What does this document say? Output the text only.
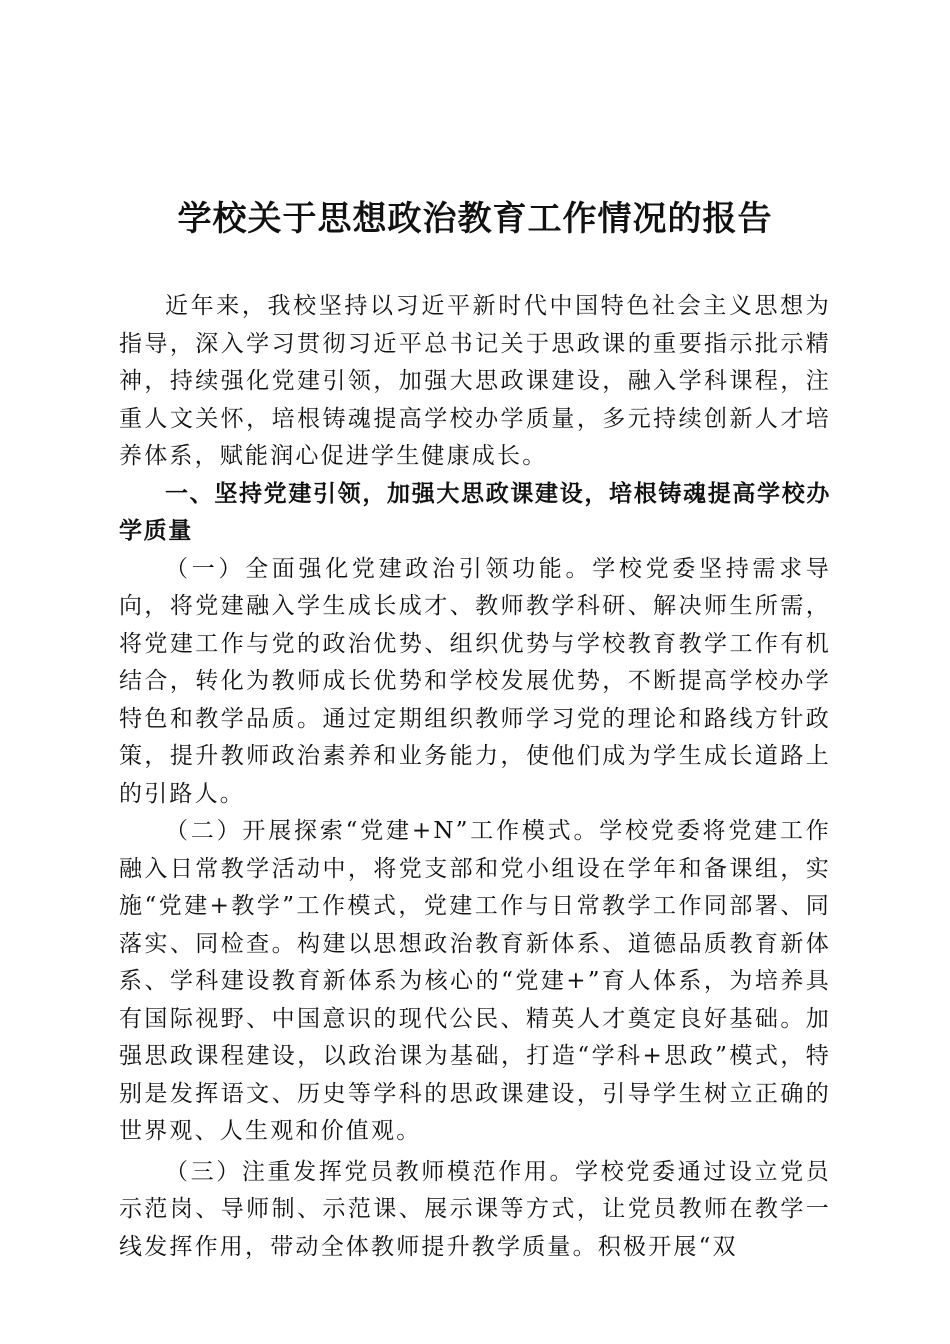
学校关于思想政治教育工作情况的报告

近年来，我校坚持以习近平新时代中国特色社会主义思想为指导，深入学习贯彻习近平总书记关于思政课的重要指示批示精神，持续强化党建引领，加强大思政课建设，融入学科课程，注重人文关怀，培根铸魂提高学校办学质量，多元持续创新人才培养体系，赋能润心促进学生健康成长。

一、坚持党建引领，加强大思政课建设，培根铸魂提高学校办学质量

（一）全面强化党建政治引领功能。学校党委坚持需求导向，将党建融入学生成长成才、教师教学科研、解决师生所需，将党建工作与党的政治优势、组织优势与学校教育教学工作有机结合，转化为教师成长优势和学校发展优势，不断提高学校办学特色和教学品质。通过定期组织教师学习党的理论和路线方针政策，提升教师政治素养和业务能力，使他们成为学生成长道路上的引路人。

（二）开展探索“党建+N”工作模式。学校党委将党建工作融入日常教学活动中，将党支部和党小组设在学年和备课组，实施“党建+教学”工作模式，党建工作与日常教学工作同部署、同落实、同检查。构建以思想政治教育新体系、道德品质教育新体系、学科建设教育新体系为核心的“党建+”育人体系，为培养具有国际视野、中国意识的现代公民、精英人才奠定良好基础。加强思政课程建设，以政治课为基础，打造“学科+思政”模式，特别是发挥语文、历史等学科的思政课建设，引导学生树立正确的世界观、人生观和价值观。

（三）注重发挥党员教师模范作用。学校党委通过设立党员示范岗、导师制、示范课、展示课等方式，让党员教师在教学一线发挥作用，带动全体教师提升教学质量。积极开展“双
